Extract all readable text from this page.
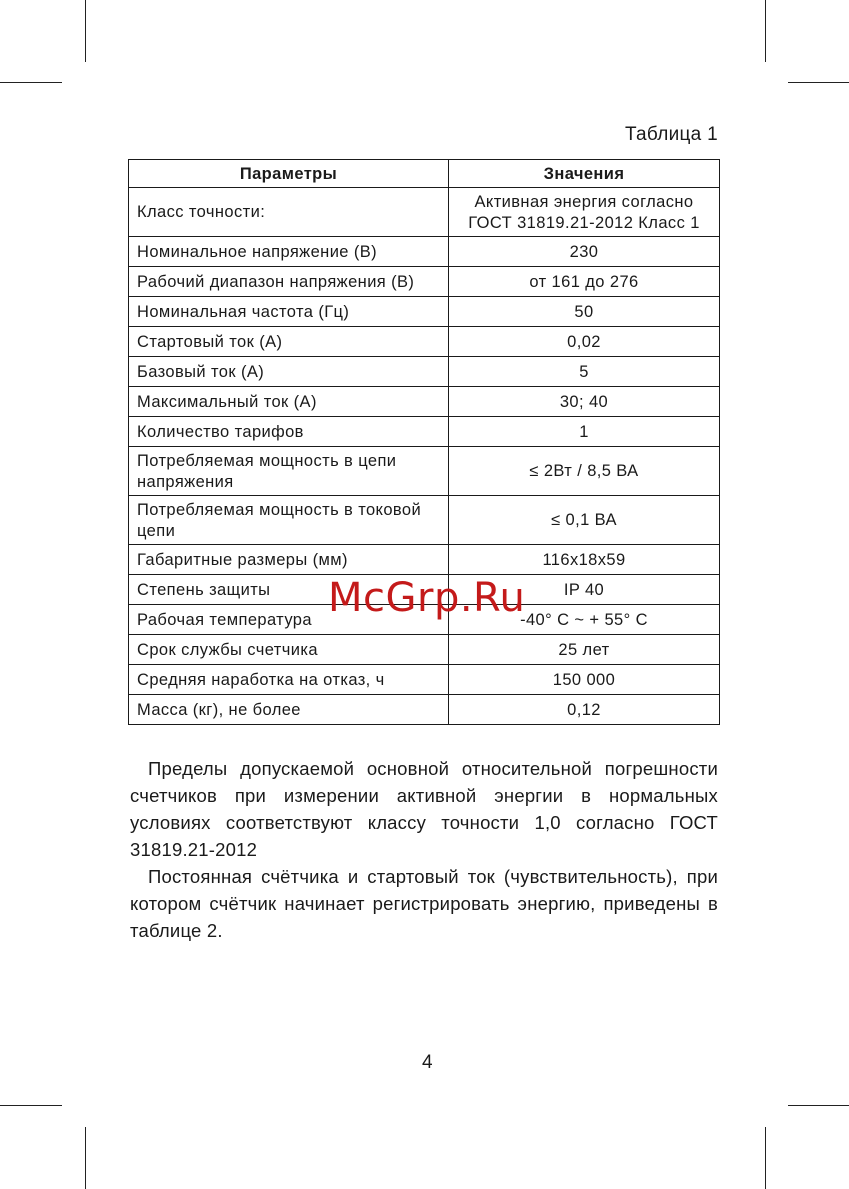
Таблица 1
Параметры	Значения
Класс точности:	Активная энергия согласно ГОСТ 31819.21-2012 Класс 1
Номинальное напряжение (В)	230
Рабочий диапазон напряжения (В)	от 161 до 276
Номинальная частота (Гц)	50
Стартовый ток (А)	0,02
Базовый ток (А)	5
Максимальный ток (А)	30; 40
Количество тарифов	1
Потребляемая мощность в цепи напряжения	≤ 2Вт / 8,5 ВА
Потребляемая мощность в токовой цепи	≤ 0,1 ВА
Габаритные размеры (мм)	116х18х59
Степень защиты	IP 40
Рабочая температура	-40° С ~ + 55° С
Срок службы счетчика	25 лет
Средняя наработка на отказ, ч	150 000
Масса (кг), не более	0,12
McGrp.Ru

Пределы допускаемой основной относительной погрешности счетчиков при измерении активной энергии в нормальных условиях соответствуют классу точности 1,0 согласно ГОСТ 31819.21-2012

Постоянная счётчика и стартовый ток (чувствительность), при котором счётчик начинает регистрировать энергию, приведены в таблице 2.

4
